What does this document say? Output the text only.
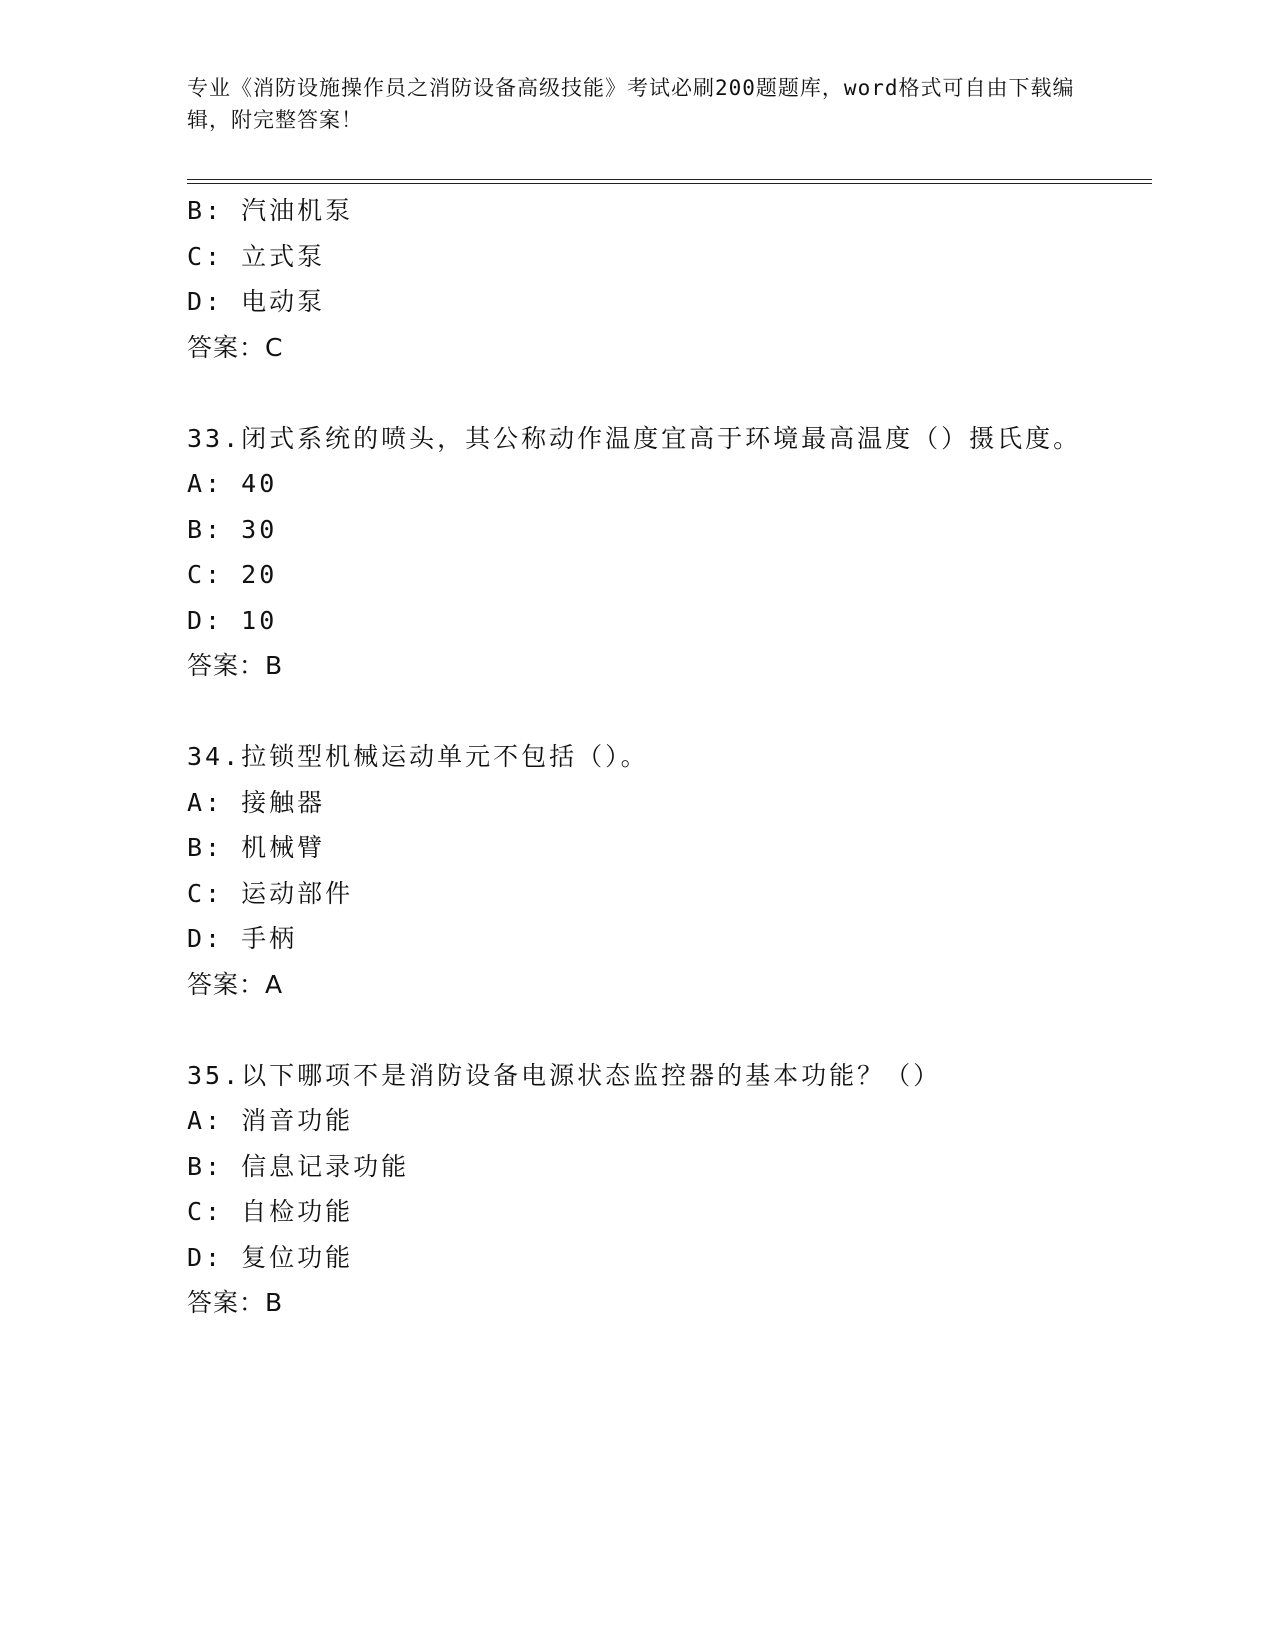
专业《消防设施操作员之消防设备高级技能》考试必刷200题题库，word格式可自由下载编辑，附完整答案！
B: 汽油机泵
C: 立式泵
D: 电动泵
答案：C
33.闭式系统的喷头，其公称动作温度宜高于环境最高温度（）摄氏度。
A: 40
B: 30
C: 20
D: 10
答案：B
34.拉锁型机械运动单元不包括（）。
A: 接触器
B: 机械臂
C: 运动部件
D: 手柄
答案：A
35.以下哪项不是消防设备电源状态监控器的基本功能？（）
A: 消音功能
B: 信息记录功能
C: 自检功能
D: 复位功能
答案：B
